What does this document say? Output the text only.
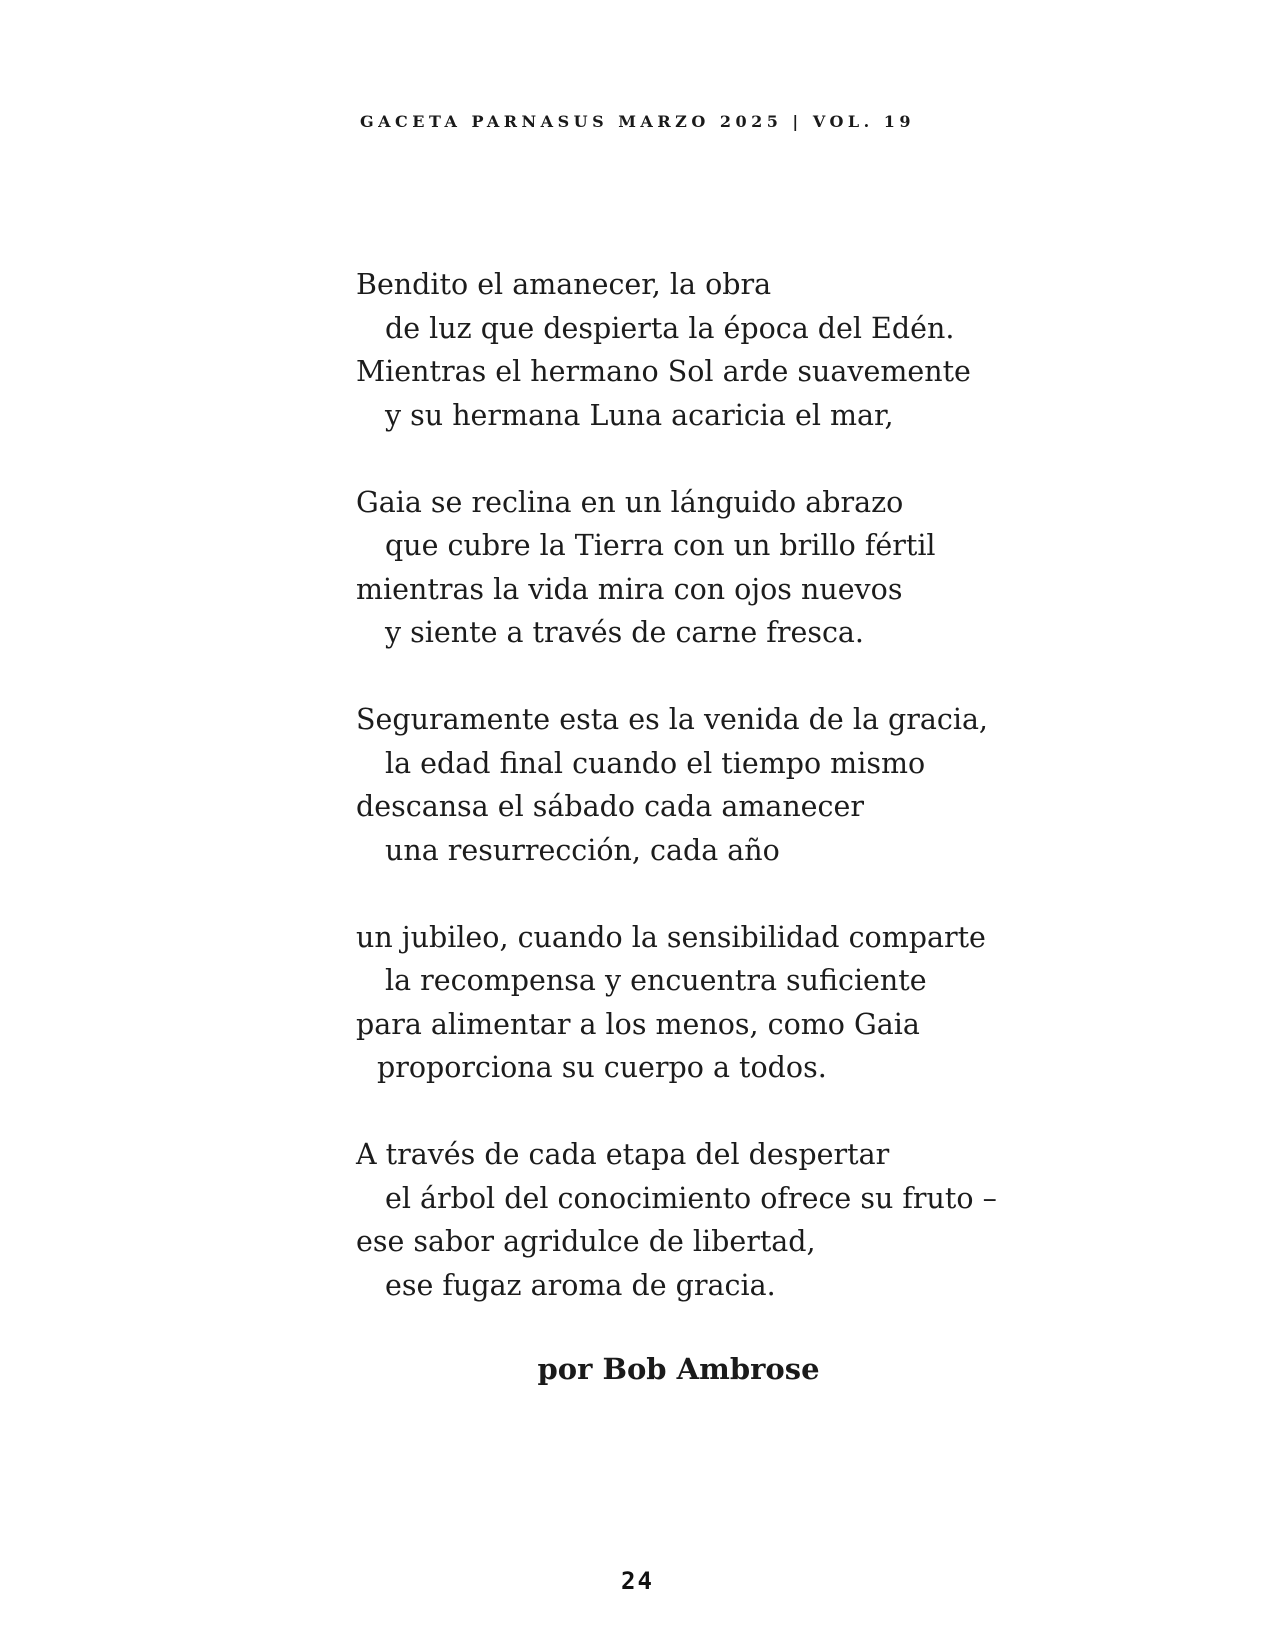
GACETA PARNASUS MARZO 2025 | VOL. 19
Bendito el amanecer, la obra
de luz que despierta la época del Edén.
Mientras el hermano Sol arde suavemente
y su hermana Luna acaricia el mar,
Gaia se reclina en un lánguido abrazo
que cubre la Tierra con un brillo fértil
mientras la vida mira con ojos nuevos
y siente a través de carne fresca.
Seguramente esta es la venida de la gracia,
la edad final cuando el tiempo mismo
descansa el sábado cada amanecer
una resurrección, cada año
un jubileo, cuando la sensibilidad comparte
la recompensa y encuentra suficiente
para alimentar a los menos, como Gaia
proporciona su cuerpo a todos.
A través de cada etapa del despertar
el árbol del conocimiento ofrece su fruto –
ese sabor agridulce de libertad,
ese fugaz aroma de gracia.
por Bob Ambrose
24
